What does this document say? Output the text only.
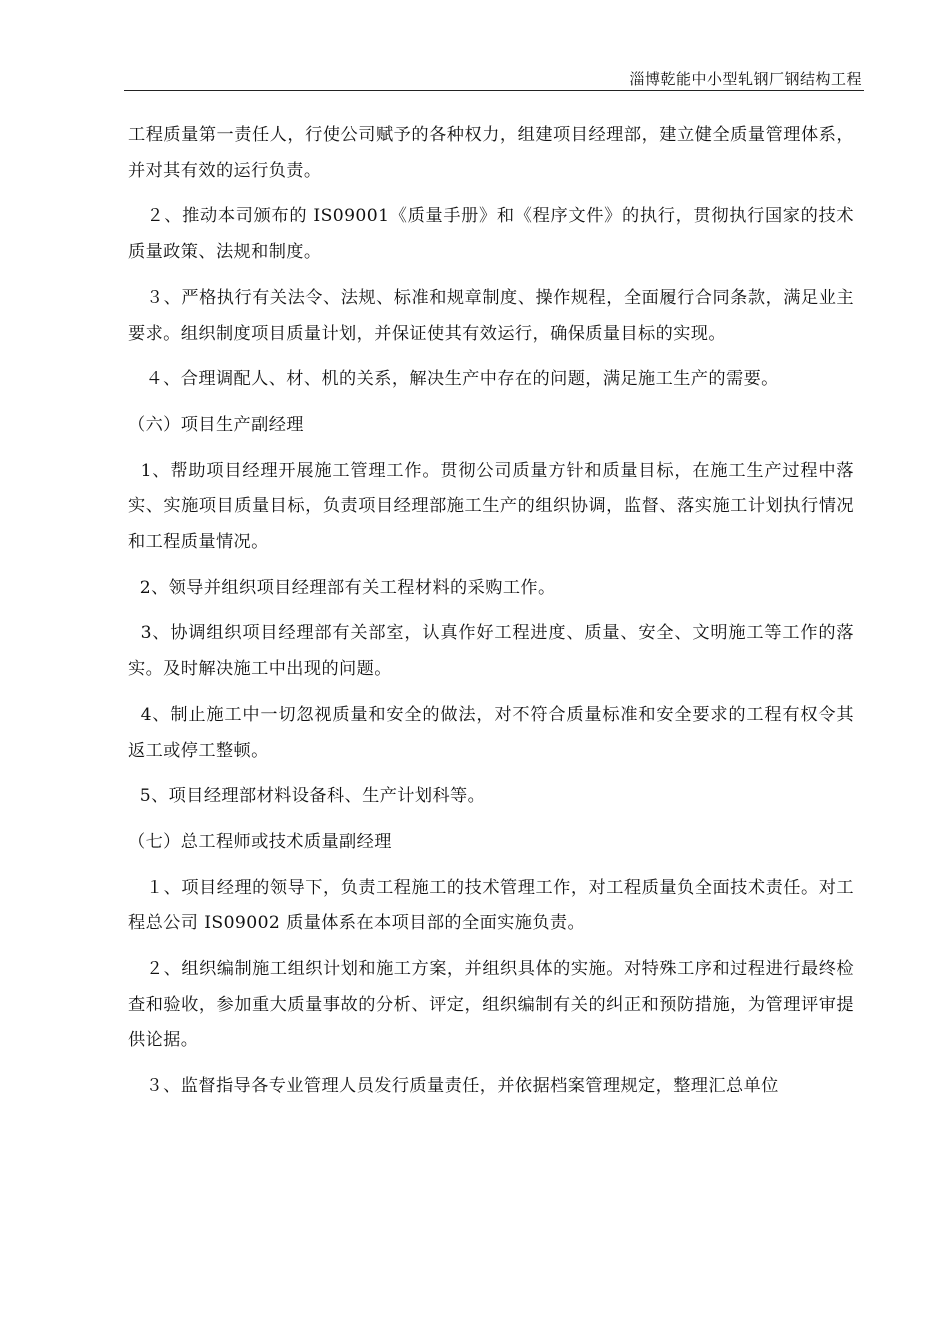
淄博乾能中小型轧钢厂钢结构工程

工程质量第一责任人，行使公司赋予的各种权力，组建项目经理部，建立健全质量管理体系，并对其有效的运行负责。

２、推动本司颁布的 IS09001《质量手册》和《程序文件》的执行，贯彻执行国家的技术质量政策、法规和制度。

３、严格执行有关法令、法规、标准和规章制度、操作规程，全面履行合同条款，满足业主要求。组织制度项目质量计划，并保证使其有效运行，确保质量目标的实现。

４、合理调配人、材、机的关系，解决生产中存在的问题，满足施工生产的需要。

（六）项目生产副经理

1、帮助项目经理开展施工管理工作。贯彻公司质量方针和质量目标，在施工生产过程中落实、实施项目质量目标，负责项目经理部施工生产的组织协调，监督、落实施工计划执行情况和工程质量情况。

2、领导并组织项目经理部有关工程材料的采购工作。

3、协调组织项目经理部有关部室，认真作好工程进度、质量、安全、文明施工等工作的落实。及时解决施工中出现的问题。

4、制止施工中一切忽视质量和安全的做法，对不符合质量标准和安全要求的工程有权令其返工或停工整顿。

5、项目经理部材料设备科、生产计划科等。

（七）总工程师或技术质量副经理

１、项目经理的领导下，负责工程施工的技术管理工作，对工程质量负全面技术责任。对工程总公司 IS09002 质量体系在本项目部的全面实施负责。

２、组织编制施工组织计划和施工方案，并组织具体的实施。对特殊工序和过程进行最终检查和验收，参加重大质量事故的分析、评定，组织编制有关的纠正和预防措施，为管理评审提供论据。

３、监督指导各专业管理人员发行质量责任，并依据档案管理规定，整理汇总单位
